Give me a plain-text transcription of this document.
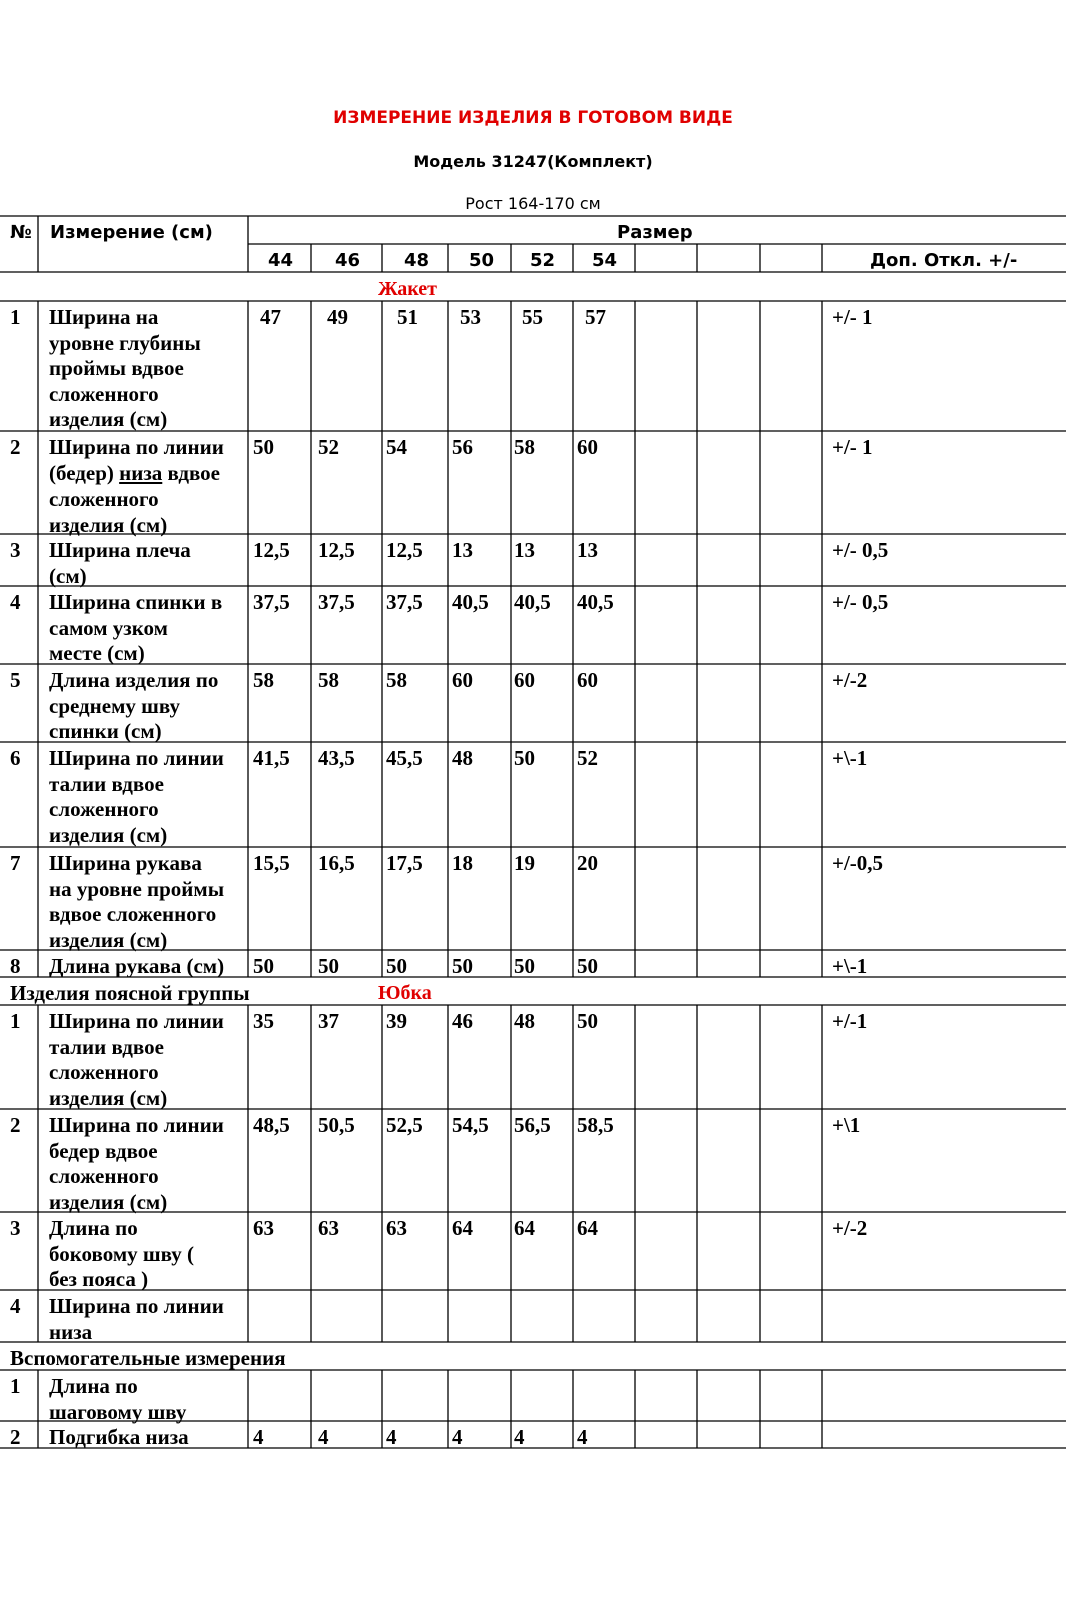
ИЗМЕРЕНИЕ ИЗДЕЛИЯ В ГОТОВОМ ВИДЕ
Модель 31247(Комплект)
Рост 164-170 см
№ Измерение (см)	Размер
44 46 48 50 52 54	Доп. Откл. +/-
Жакет
1 Ширина на
уровне глубины
проймы вдвое
сложенного
изделия (см)
47 49 51 53 55 57	+/- 1
2 Ширина по линии
(бедер) низа вдвое
сложенного
изделия (см)
50 52 54 56 58 60	+/- 1
3 Ширина плеча
(см)
12,5 12,5 12,5 13 13 13	+/- 0,5
4 Ширина спинки в
самом узком
месте (см)
37,5 37,5 37,5 40,5 40,5 40,5	+/- 0,5
5 Длина изделия по
среднему шву
спинки (см)
58 58 58 60 60 60	+/-2
6 Ширина по линии
талии вдвое
сложенного
изделия (см)
41,5 43,5 45,5 48 50 52	+\-1
7 Ширина рукава
на уровне проймы
вдвое сложенного
изделия (см)
15,5 16,5 17,5 18 19 20	+/-0,5
8 Длина рукава (см) 50 50 50 50 50 50	+\-1
Изделия поясной группы	Юбка
1 Ширина по линии
талии вдвое
сложенного
изделия (см)
35 37 39 46 48 50	+/-1
2 Ширина по линии
бедер вдвое
сложенного
изделия (см)
48,5 50,5 52,5 54,5 56,5 58,5	+\1
3 Длина по
боковому шву (
без пояса )
63 63 63 64 64 64	+/-2
4 Ширина по линии
низа
Вспомогательные измерения
1 Длина по
шаговому шву
2 Подгибка низа	4	4	4	4 4	4
